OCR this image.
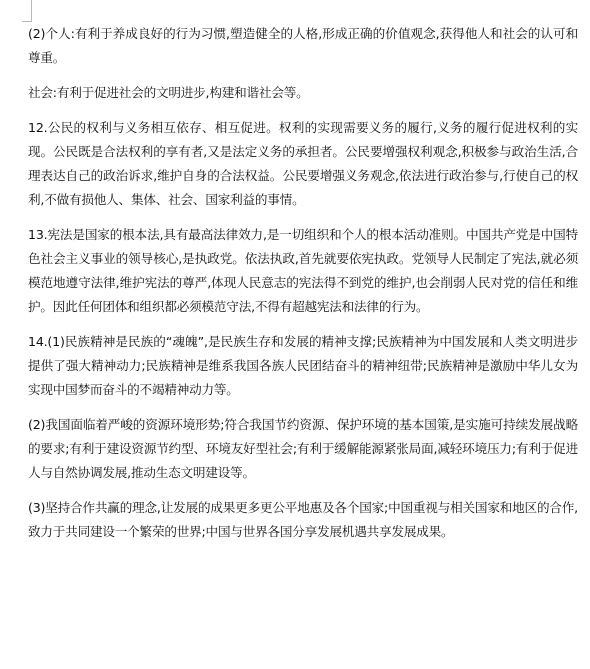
(2)个人:有利于养成良好的行为习惯,塑造健全的人格,形成正确的价值观念,获得他人和社会的认可和尊重。

社会:有利于促进社会的文明进步,构建和谐社会等。

12.公民的权利与义务相互依存、相互促进。权利的实现需要义务的履行,义务的履行促进权利的实现。公民既是合法权利的享有者,又是法定义务的承担者。公民要增强权利观念,积极参与政治生活,合理表达自己的政治诉求,维护自身的合法权益。公民要增强义务观念,依法进行政治参与,行使自己的权利,不做有损他人、集体、社会、国家利益的事情。

13.宪法是国家的根本法,具有最高法律效力,是一切组织和个人的根本活动准则。中国共产党是中国特色社会主义事业的领导核心,是执政党。依法执政,首先就要依宪执政。党领导人民制定了宪法,就必须模范地遵守法律,维护宪法的尊严,体现人民意志的宪法得不到党的维护,也会削弱人民对党的信任和维护。因此任何团体和组织都必须模范守法,不得有超越宪法和法律的行为。

14.(1)民族精神是民族的“魂魄”,是民族生存和发展的精神支撑;民族精神为中国发展和人类文明进步提供了强大精神动力;民族精神是维系我国各族人民团结奋斗的精神纽带;民族精神是激励中华儿女为实现中国梦而奋斗的不竭精神动力等。

(2)我国面临着严峻的资源环境形势;符合我国节约资源、保护环境的基本国策,是实施可持续发展战略的要求;有利于建设资源节约型、环境友好型社会;有利于缓解能源紧张局面,减轻环境压力;有利于促进人与自然协调发展,推动生态文明建设等。

(3)坚持合作共赢的理念,让发展的成果更多更公平地惠及各个国家;中国重视与相关国家和地区的合作,致力于共同建设一个繁荣的世界;中国与世界各国分享发展机遇共享发展成果。
